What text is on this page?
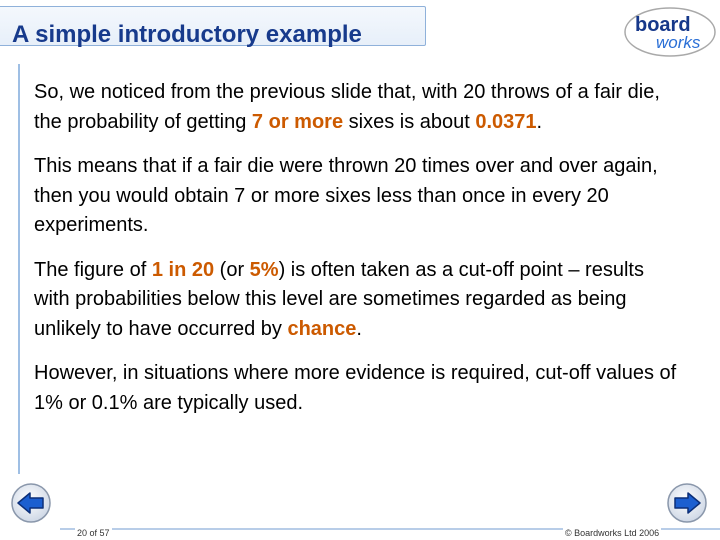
A simple introductory example	board
works

So, we noticed from the previous slide that, with 20 throws of a fair die, the probability of getting 7 or more sixes is about 0.0371.

This means that if a fair die were thrown 20 times over and over again, then you would obtain 7 or more sixes less than once in every 20 experiments.

The figure of 1 in 20 (or 5%) is often taken as a cut-off point – results with probabilities below this level are sometimes regarded as being unlikely to have occurred by chance.

However, in situations where more evidence is required, cut-off values of 1% or 0.1% are typically used.

20 of 57	© Boardworks Ltd 2006
